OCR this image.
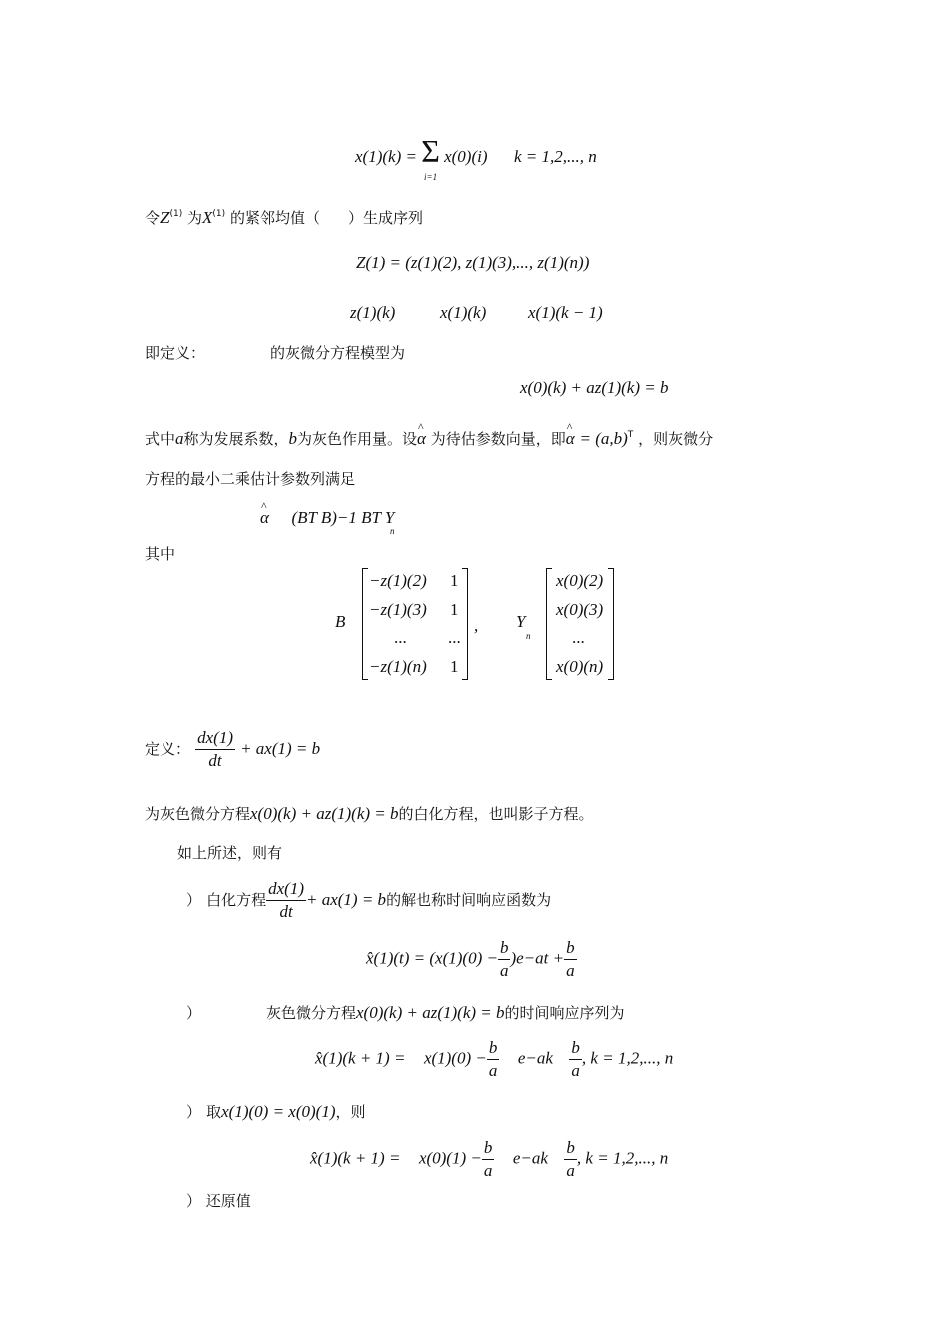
x(1)(k) = Σ x(0)(i) k = 1,2,..., n
i=1
令$Z^{(1)}$ 为$X^{(1)}$ 的紧邻均值（ ）生成序列
Z(1) = (z(1)(2), z(1)(3),..., z(1)(n))
z(1)(k)	x(1)(k) x(1)(k − 1)
即定义：	的灰微分方程模型为
x(0)(k) + az(1)(k) = b
式中a称为发展系数，b为灰色作用量。设^ α 为待估参数向量，即^ $\alpha = (a,b)^T$ ，则灰微分
方程的最小二乘估计参数列满足
^ α (BT B)−1 BT Y
n
其中
B
−z(1)(2) 1
−z(1)(3) 1
... ...
−z(1)(n) 1
, Y
n
x(0)(2)
x(0)(3)
...
x(0)(n)
定义： $\frac{dx(1)}{dt} + ax(1) = b$
为灰色微分方程x(0)(k) + az(1)(k) = b的白化方程，也叫影子方程。
如上所述，则有
） 白化方程 $\frac{dx(1)}{dt} + ax(1) = b$的解也称时间响应函数为
x̂(1)(t) = $(x(1)(0) - \frac{b}{a} )e-at + \frac{b}{a}$
）	灰色微分方程x(0)(k) + az(1)(k) = b的时间响应序列为
x̂(1)(k + $1) = x(1)(0) - \frac{b}{a} e-ak \frac{b}{a}$ , k = 1,2,..., n
） 取x(1)(0) = x(0)(1)，则
x̂(1)(k + $1) = x(0)(1) - \frac{b}{a} e-ak \frac{b}{a}$ , k = 1,2,..., n
） 还原值
